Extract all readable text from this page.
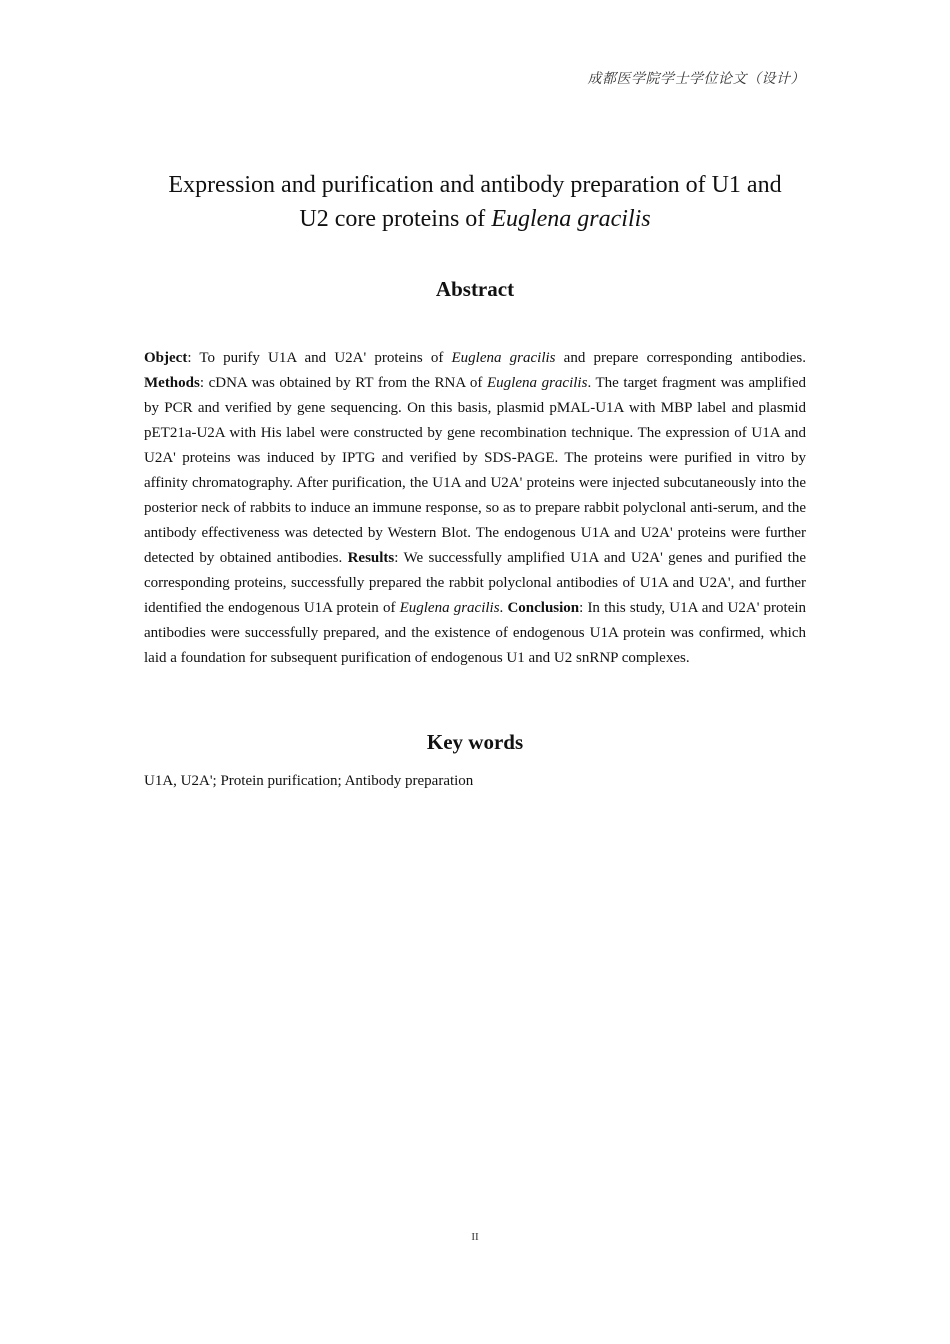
成都医学院学士学位论文（设计）
Expression and purification and antibody preparation of U1 and
U2 core proteins of Euglena gracilis
Abstract

Object: To purify U1A and U2A' proteins of Euglena gracilis and prepare corresponding antibodies. Methods: cDNA was obtained by RT from the RNA of Euglena gracilis. The target fragment was amplified by PCR and verified by gene sequencing. On this basis, plasmid pMAL-U1A with MBP label and plasmid pET21a-U2A with His label were constructed by gene recombination technique. The expression of U1A and U2A' proteins was induced by IPTG and verified by SDS-PAGE. The proteins were purified in vitro by affinity chromatography. After purification, the U1A and U2A' proteins were injected subcutaneously into the posterior neck of rabbits to induce an immune response, so as to prepare rabbit polyclonal anti-serum, and the antibody effectiveness was detected by Western Blot. The endogenous U1A and U2A' proteins were further detected by obtained antibodies. Results: We successfully amplified U1A and U2A' genes and purified the corresponding proteins, successfully prepared the rabbit polyclonal antibodies of U1A and U2A', and further identified the endogenous U1A protein of Euglena gracilis. Conclusion: In this study, U1A and U2A' protein antibodies were successfully prepared, and the existence of endogenous U1A protein was confirmed, which laid a foundation for subsequent purification of endogenous U1 and U2 snRNP complexes.

Key words

U1A, U2A'; Protein purification; Antibody preparation

II
